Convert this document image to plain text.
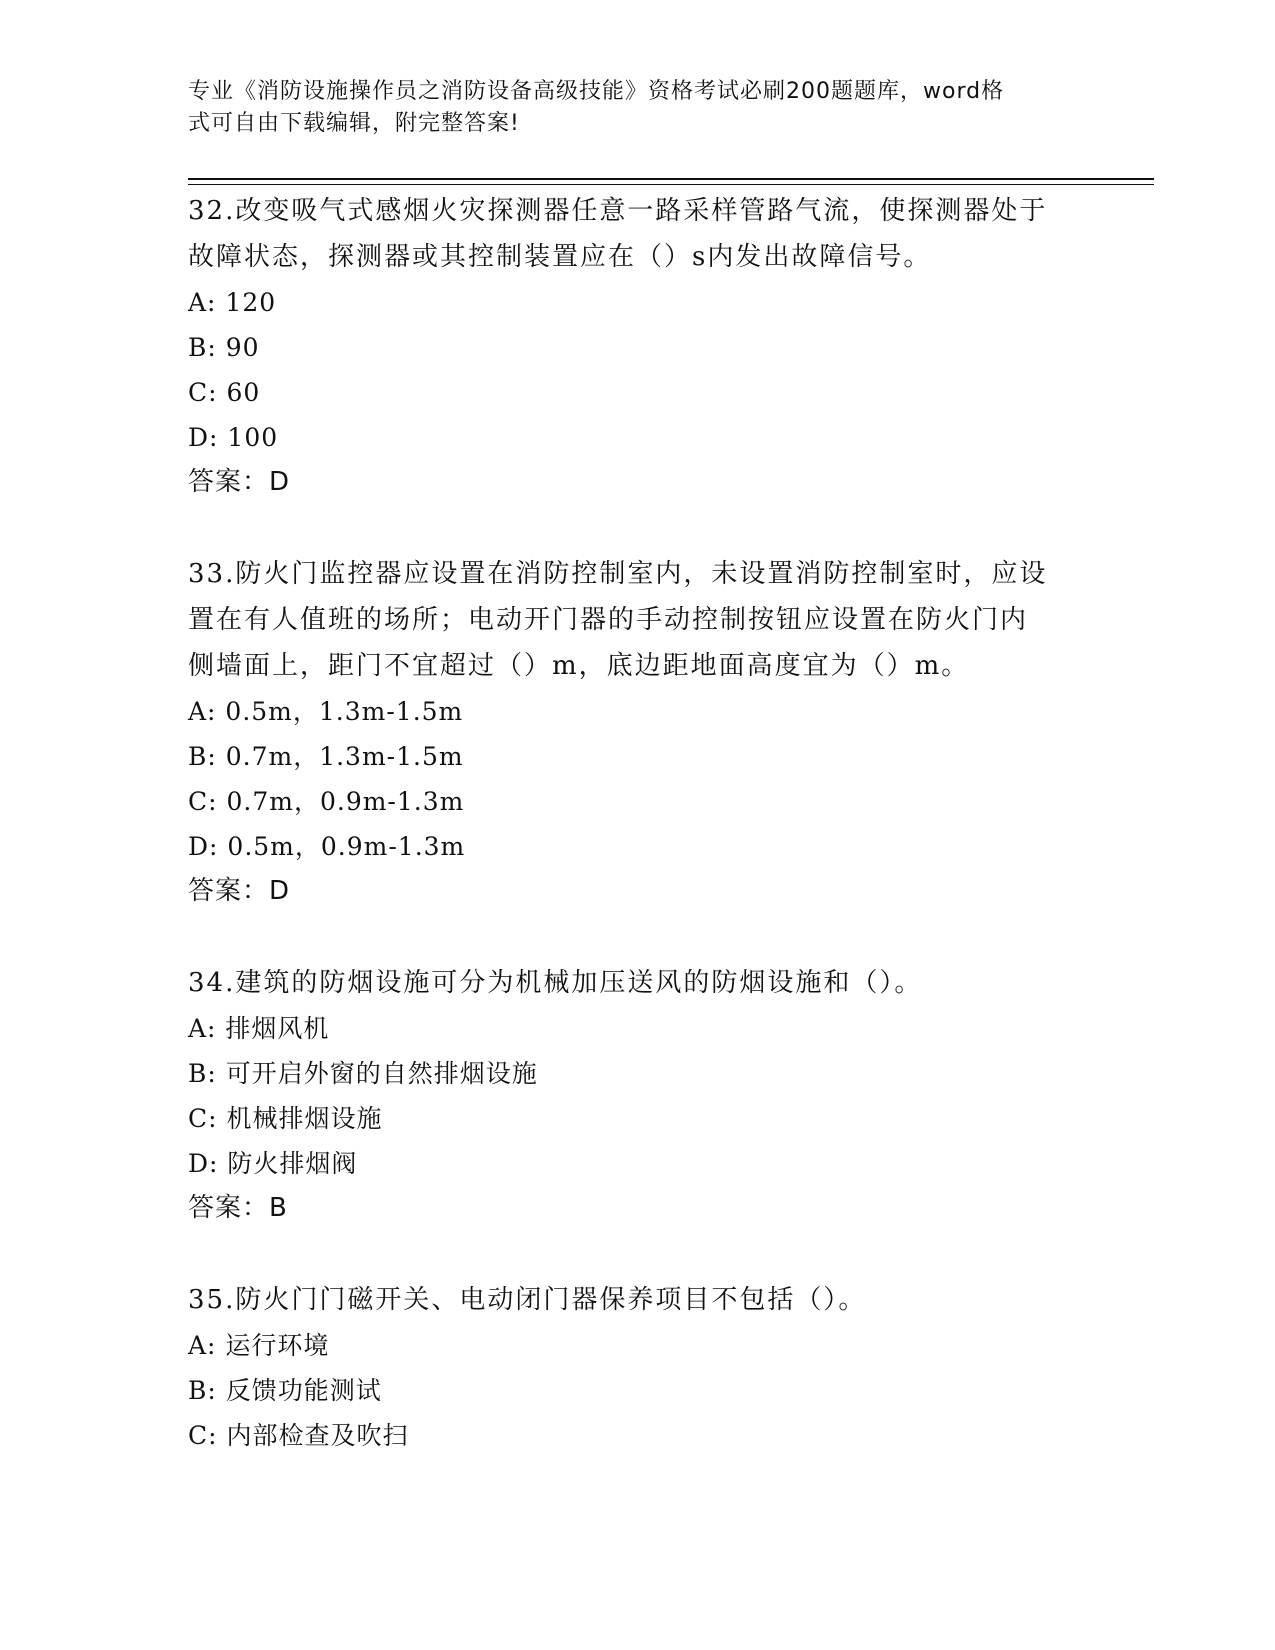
专业《消防设施操作员之消防设备高级技能》资格考试必刷200题题库，word格
式可自由下载编辑，附完整答案!
32.改变吸气式感烟火灾探测器任意一路采样管路气流，使探测器处于
故障状态，探测器或其控制装置应在（）s内发出故障信号。
A: 120
B: 90
C: 60
D: 100
答案：D
33.防火门监控器应设置在消防控制室内，未设置消防控制室时，应设
置在有人值班的场所；电动开门器的手动控制按钮应设置在防火门内
侧墙面上，距门不宜超过（）m，底边距地面高度宜为（）m。
A: 0.5m，1.3m-1.5m
B: 0.7m，1.3m-1.5m
C: 0.7m，0.9m-1.3m
D: 0.5m，0.9m-1.3m
答案：D
34.建筑的防烟设施可分为机械加压送风的防烟设施和（）。
A: 排烟风机
B: 可开启外窗的自然排烟设施
C: 机械排烟设施
D: 防火排烟阀
答案：B
35.防火门门磁开关、电动闭门器保养项目不包括（）。
A: 运行环境
B: 反馈功能测试
C: 内部检查及吹扫
